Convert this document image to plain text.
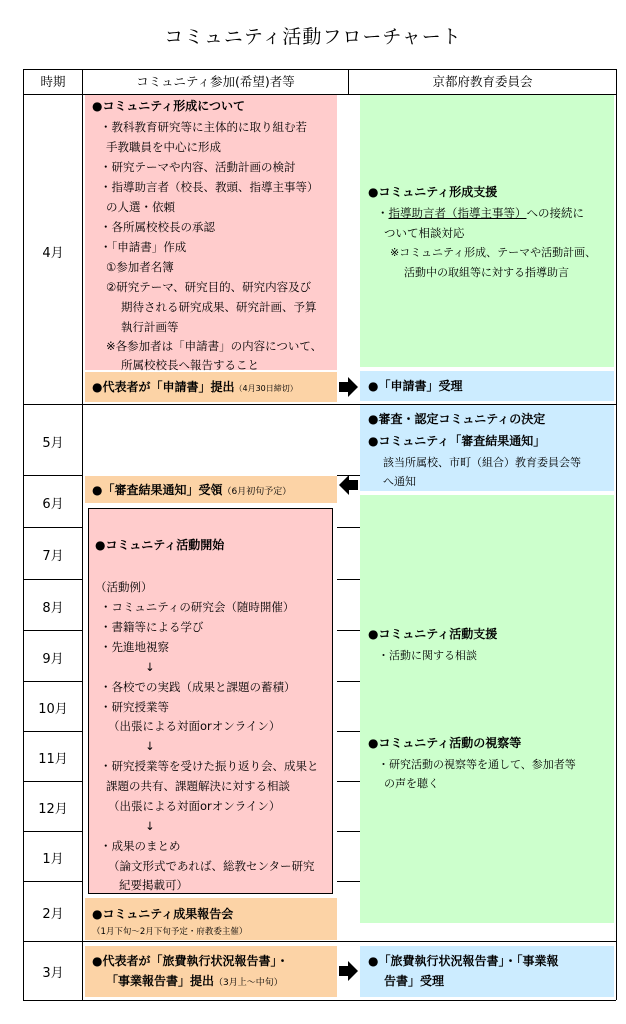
コミュニティ活動フローチャート
時期	コミュニティ参加(希望)者等	京都府教育委員会
4月
5月
6月
7月
8月
9月
10月
11月
12月
1月
2月
3月
●コミュニティ形成について
・教科教育研究等に主体的に取り組む若
手教職員を中心に形成
・研究テーマや内容、活動計画の検討
・指導助言者（校長、教頭、指導主事等）
の人選・依頼
・各所属校校長の承認
・「申請書」作成
①参加者名簿
②研究テーマ、研究目的、研究内容及び
期待される研究成果、研究計画、予算
執行計画等
※各参加者は「申請書」の内容について、
所属校校長へ報告すること
●代表者が「申請書」提出（4月30日締切）
●「審査結果通知」受領（6月初旬予定）
●コミュニティ活動開始
（活動例）
・コミュニティの研究会（随時開催）
・書籍等による学び
・先進地視察
↓
・各校での実践（成果と課題の蓄積）
・研究授業等
（出張による対面orオンライン）
↓
・研究授業等を受けた振り返り会、成果と
課題の共有、課題解決に対する相談
（出張による対面orオンライン）
↓
・成果のまとめ
（論文形式であれば、総教センター研究
紀要掲載可）
●コミュニティ成果報告会
（1月下旬～2月下旬予定・府教委主催）
●代表者が「旅費執行状況報告書」・
「事業報告書」提出（3月上～中旬）
●コミュニティ形成支援
・指導助言者（指導主事等）への接続に
ついて相談対応
※コミュニティ形成、テーマや活動計画、
活動中の取組等に対する指導助言
●「申請書」受理
●審査・認定コミュニティの決定
●コミュニティ「審査結果通知」
該当所属校、市町（組合）教育委員会等
へ通知
●コミュニティ活動支援
・活動に関する相談
●コミュニティ活動の視察等
・研究活動の視察等を通して、参加者等
の声を聴く
●「旅費執行状況報告書」・「事業報
告書」受理
